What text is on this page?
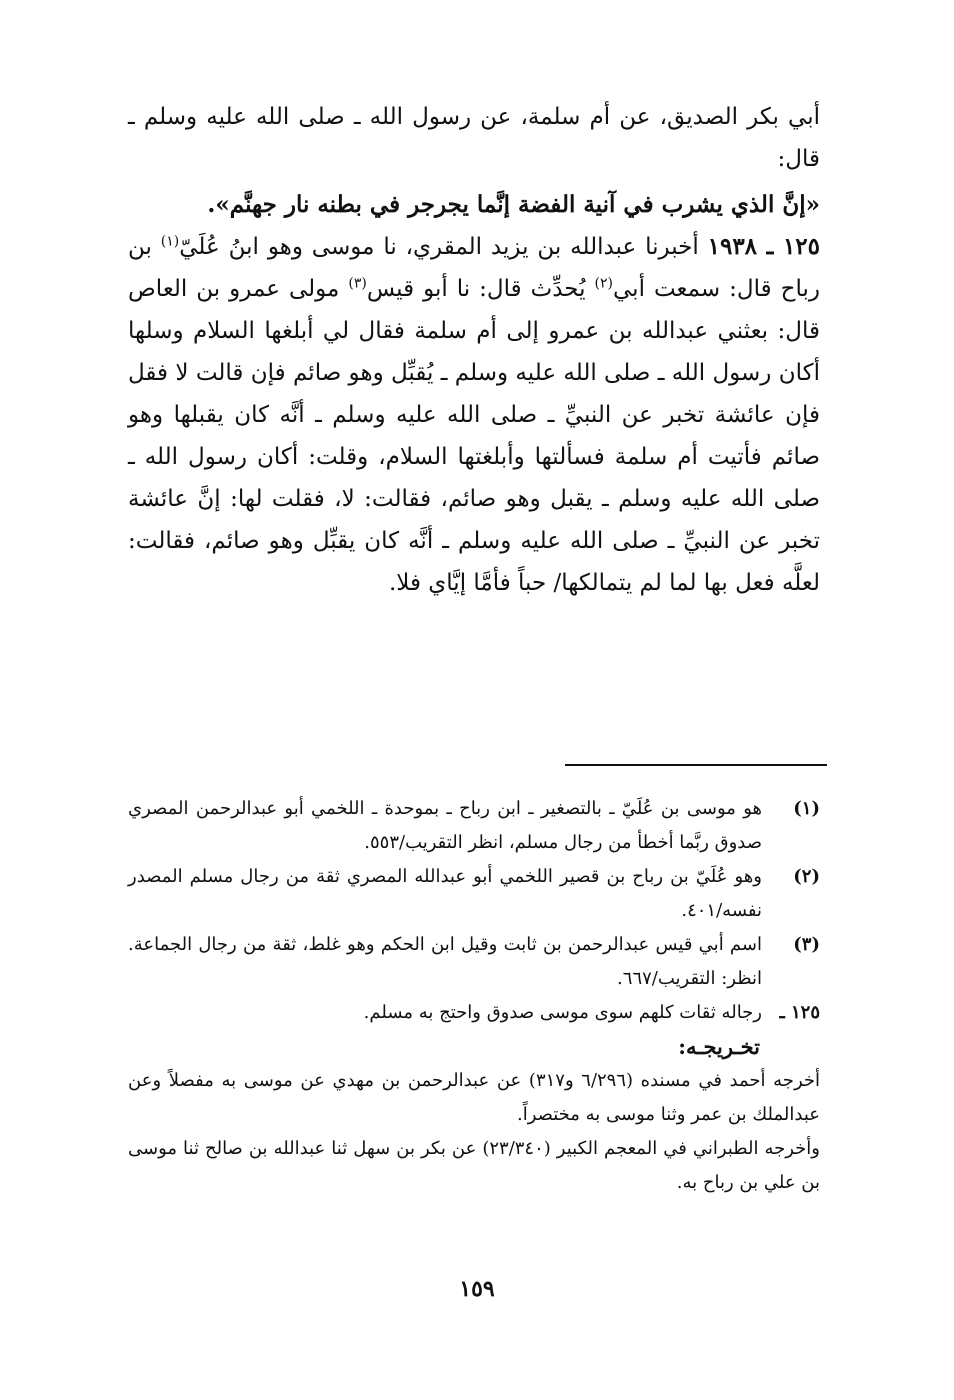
أبي بكر الصديق، عن أم سلمة، عن رسول الله ـ صلى الله عليه وسلم ـ قال:

«إنَّ الذي يشرب في آنية الفضة إنَّما يجرجر في بطنه نار جهنَّم».

١٢٥ ـ ١٩٣٨ أخبرنا عبدالله بن يزيد المقري، نا موسى وهو ابنُ عُلَيّ$^{(١)}$ بن رباح قال: سمعت أبي$^{(٢)}$ يُحدِّث قال: نا أبو قيس$^{(٣)}$ مولى عمرو بن العاص قال: بعثني عبدالله بن عمرو إلى أم سلمة فقال لي أبلغها السلام وسلها أكان رسول الله ـ صلى الله عليه وسلم ـ يُقبِّل وهو صائم فإن قالت لا فقل فإن عائشة تخبر عن النبيِّ ـ صلى الله عليه وسلم ـ أنَّه كان يقبلها وهو صائم فأتيت أم سلمة فسألتها وأبلغتها السلام، وقلت: أكان رسول الله ـ صلى الله عليه وسلم ـ يقبل وهو صائم، فقالت: لا، فقلت لها: إنَّ عائشة تخبر عن النبيِّ ـ صلى الله عليه وسلم ـ أنَّه كان يقبِّل وهو صائم، فقالت: لعلَّه فعل بها لما لم يتمالكها/ حباً فأمَّا إيَّاي فلا.

(١)
هو موسى بن عُلَيّ ـ بالتصغير ـ ابن رباح ـ بموحدة ـ اللخمي أبو عبدالرحمن المصري صدوق ربَّما أخطأ من رجال مسلم، انظر التقريب/٥٥٣.
(٢)
وهو عُلَيّ بن رباح بن قصير اللخمي أبو عبدالله المصري ثقة من رجال مسلم المصدر نفسه/٤٠١.
(٣)
اسم أبي قيس عبدالرحمن بن ثابت وقيل ابن الحكم وهو غلط، ثقة من رجال الجماعة. انظر: التقريب/٦٦٧.
١٢٥ ـ
رجاله ثقات كلهم سوى موسى صدوق واحتج به مسلم.

تخـريجـه:

أخرجه أحمد في مسنده (٦/٢٩٦ و٣١٧) عن عبدالرحمن بن مهدي عن موسى به مفصلاً وعن عبدالملك بن عمر وثنا موسى به مختصراً.

وأخرجه الطبراني في المعجم الكبير (٢٣/٣٤٠) عن بكر بن سهل ثنا عبدالله بن صالح ثنا موسى بن علي بن رباح به.

١٥٩
